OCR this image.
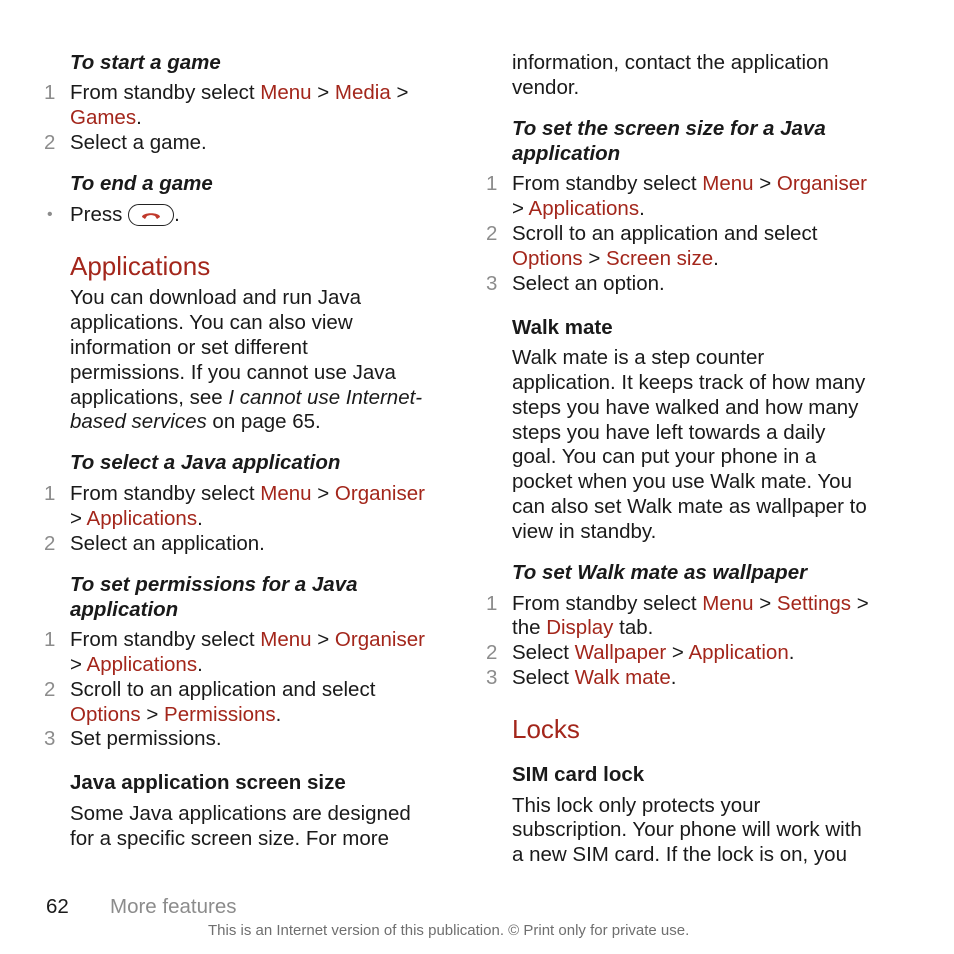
To start a game
1 From standby select Menu > Media >
Games.
2 Select a game.
To end a game
• Press	.
Applications
You can download and run Java
applications. You can also view
information or set different
permissions. If you cannot use Java
applications, see I cannot use Internet-
based services on page 65.
To select a Java application
1 From standby select Menu > Organiser
> Applications.
2 Select an application.
To set permissions for a Java
application
1 From standby select Menu > Organiser
> Applications.
2 Scroll to an application and select
Options > Permissions.
3 Set permissions.
Java application screen size
Some Java applications are designed
for a specific screen size. For more
information, contact the application
vendor.
To set the screen size for a Java
application
1 From standby select Menu > Organiser
> Applications.
2 Scroll to an application and select
Options > Screen size.
3 Select an option.
Walk mate
Walk mate is a step counter
application. It keeps track of how many
steps you have walked and how many
steps you have left towards a daily
goal. You can put your phone in a
pocket when you use Walk mate. You
can also set Walk mate as wallpaper to
view in standby.
To set Walk mate as wallpaper
1 From standby select Menu > Settings >
the Display tab.
2 Select Wallpaper > Application.
3 Select Walk mate.
Locks
SIM card lock
This lock only protects your
subscription. Your phone will work with
a new SIM card. If the lock is on, you
62 More features
This is an Internet version of this publication. © Print only for private use.
